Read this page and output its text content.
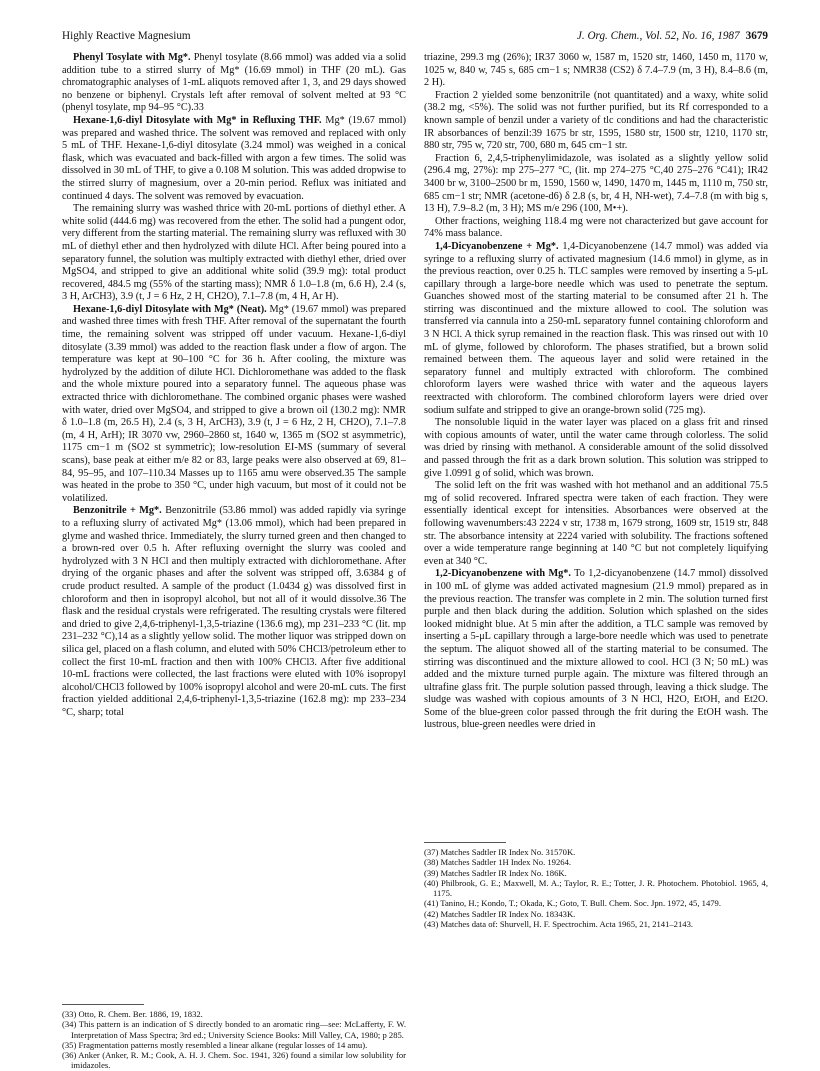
Highly Reactive Magnesium	J. Org. Chem., Vol. 52, No. 16, 1987 3679

Phenyl Tosylate with Mg*. Phenyl tosylate (8.66 mmol) was added via a solid addition tube to a stirred slurry of Mg* (16.69 mmol) in THF (20 mL). Gas chromatographic analyses of 1-mL aliquots removed after 1, 3, and 29 days showed no benzene or biphenyl. Crystals left after removal of solvent melted at 93 °C (phenyl tosylate, mp 94–95 °C).33

Hexane-1,6-diyl Ditosylate with Mg* in Refluxing THF. Mg* (19.67 mmol) was prepared and washed thrice. The solvent was removed and replaced with only 5 mL of THF. Hexane-1,6-diyl ditosylate (3.24 mmol) was weighed in a conical flask, which was evacuated and back-filled with argon a few times. The solid was dissolved in 30 mL of THF, to give a 0.108 M solution. This was added dropwise to the stirred slurry of magnesium, over a 20-min period. Reflux was initiated and continued 4 days. The solvent was removed by evacuation.

The remaining slurry was washed thrice with 20-mL portions of diethyl ether. A white solid (444.6 mg) was recovered from the ether. The solid had a pungent odor, very different from the starting material. The remaining slurry was refluxed with 30 mL of diethyl ether and then hydrolyzed with dilute HCl. After being poured into a separatory funnel, the solution was multiply extracted with diethyl ether, dried over MgSO4, and stripped to give an additional white solid (39.9 mg): total product recovered, 484.5 mg (55% of the starting mass); NMR δ 1.0–1.8 (m, 6.6 H), 2.4 (s, 3 H, ArCH3), 3.9 (t, J = 6 Hz, 2 H, CH2O), 7.1–7.8 (m, 4 H, Ar H).

Hexane-1,6-diyl Ditosylate with Mg* (Neat). Mg* (19.67 mmol) was prepared and washed three times with fresh THF. After removal of the supernatant the fourth time, the remaining solvent was stripped off under vacuum. Hexane-1,6-diyl ditosylate (3.39 mmol) was added to the reaction flask under a flow of argon. The temperature was kept at 90–100 °C for 36 h. After cooling, the mixture was hydrolyzed by the addition of dilute HCl. Dichloromethane was added to the flask and the whole mixture poured into a separatory funnel. The aqueous phase was extracted thrice with dichloromethane. The combined organic phases were washed with water, dried over MgSO4, and stripped to give a brown oil (130.2 mg): NMR δ 1.0–1.8 (m, 26.5 H), 2.4 (s, 3 H, ArCH3), 3.9 (t, J = 6 Hz, 2 H, CH2O), 7.1–7.8 (m, 4 H, ArH); IR 3070 vw, 2960–2860 st, 1640 w, 1365 m (SO2 st asymmetric), 1175 cm−1 m (SO2 st symmetric); low-resolution EI-MS (summary of several scans), base peak at either m/e 82 or 83, large peaks were also observed at 69, 81–84, 95–95, and 107–110.34 Masses up to 1165 amu were observed.35 The sample was heated in the probe to 350 °C, under high vacuum, but most of it could not be volatilized.

Benzonitrile + Mg*. Benzonitrile (53.86 mmol) was added rapidly via syringe to a refluxing slurry of activated Mg* (13.06 mmol), which had been prepared in glyme and washed thrice. Immediately, the slurry turned green and then changed to a brown-red over 0.5 h. After refluxing overnight the slurry was cooled and hydrolyzed with 3 N HCl and then multiply extracted with dichloromethane. After drying of the organic phases and after the solvent was stripped off, 3.6384 g of crude product resulted. A sample of the product (1.0434 g) was dissolved first in chloroform and then in isopropyl alcohol, but not all of it would dissolve.36 The flask and the residual crystals were refrigerated. The resulting crystals were filtered and dried to give 2,4,6-triphenyl-1,3,5-triazine (136.6 mg), mp 231–233 °C (lit. mp 231–232 °C),14 as a slightly yellow solid. The mother liquor was stripped down on silica gel, placed on a flash column, and eluted with 50% CHCl3/petroleum ether to collect the first 10-mL fraction and then with 100% CHCl3. After five additional 10-mL fractions were collected, the last fractions were eluted with 10% isopropyl alcohol/CHCl3 followed by 100% isopropyl alcohol and were 20-mL cuts. The first fraction yielded additional 2,4,6-triphenyl-1,3,5-triazine (162.8 mg): mp 233–234 °C, sharp; total

triazine, 299.3 mg (26%); IR37 3060 w, 1587 m, 1520 str, 1460, 1450 m, 1170 w, 1025 w, 840 w, 745 s, 685 cm−1 s; NMR38 (CS2) δ 7.4–7.9 (m, 3 H), 8.4–8.6 (m, 2 H).

Fraction 2 yielded some benzonitrile (not quantitated) and a waxy, white solid (38.2 mg, <5%). The solid was not further purified, but its Rf corresponded to a known sample of benzil under a variety of tlc conditions and had the characteristic IR absorbances of benzil:39 1675 br str, 1595, 1580 str, 1500 str, 1210, 1170 str, 880 str, 795 w, 720 str, 700, 680 m, 645 cm−1 str.

Fraction 6, 2,4,5-triphenylimidazole, was isolated as a slightly yellow solid (296.4 mg, 27%): mp 275–277 °C, (lit. mp 274–275 °C,40 275–276 °C41); IR42 3400 br w, 3100–2500 br m, 1590, 1560 w, 1490, 1470 m, 1445 m, 1110 m, 750 str, 685 cm−1 str; NMR (acetone-d6) δ 2.8 (s, br, 4 H, NH-wet), 7.4–7.8 (m with big s, 13 H), 7.9–8.2 (m, 3 H); MS m/e 296 (100, M•+).

Other fractions, weighing 118.4 mg were not characterized but gave account for 74% mass balance.

1,4-Dicyanobenzene + Mg*. 1,4-Dicyanobenzene (14.7 mmol) was added via syringe to a refluxing slurry of activated magnesium (14.6 mmol) in glyme, as in the previous reaction, over 0.25 h. TLC samples were removed by inserting a 5-μL capillary through a large-bore needle which was used to penetrate the septum. Guanches showed most of the starting material to be consumed after 21 h. The stirring was discontinued and the mixture allowed to cool. The solution was transferred via cannula into a 250-mL separatory funnel containing chloroform and 3 N HCl. A thick syrup remained in the reaction flask. This was rinsed out with 10 mL of glyme, followed by chloroform. The phases stratified, but a brown solid remained between them. The aqueous layer and solid were retained in the separatory funnel and multiply extracted with chloroform. The combined chloroform layers were washed thrice with water and the aqueous layers reextracted with chloroform. The combined chloroform layers were dried over sodium sulfate and stripped to give an orange-brown solid (725 mg).

The nonsoluble liquid in the water layer was placed on a glass frit and rinsed with copious amounts of water, until the water came through colorless. The solid was dried by rinsing with methanol. A considerable amount of the solid dissolved and passed through the frit as a dark brown solution. This solution was stripped to give 1.0991 g of solid, which was brown.

The solid left on the frit was washed with hot methanol and an additional 75.5 mg of solid recovered. Infrared spectra were taken of each fraction. They were essentially identical except for intensities. Absorbances were observed at the following wavenumbers:43 2224 v str, 1738 m, 1679 strong, 1609 str, 1519 str, 848 str. The absorbance intensity at 2224 varied with solubility. The fractions softened over a wide temperature range beginning at 140 °C but not completely liquifying even at 340 °C.

1,2-Dicyanobenzene with Mg*. To 1,2-dicyanobenzene (14.7 mmol) dissolved in 100 mL of glyme was added activated magnesium (21.9 mmol) prepared as in the previous reaction. The transfer was complete in 2 min. The solution turned first purple and then black during the addition. Solution which splashed on the sides looked midnight blue. At 5 min after the addition, a TLC sample was removed by inserting a 5-μL capillary through a large-bore needle which was used to penetrate the septum. The aliquot showed all of the starting material to be consumed. The stirring was discontinued and the mixture allowed to cool. HCl (3 N; 50 mL) was added and the mixture turned purple again. The mixture was filtered through an ultrafine glass frit. The purple solution passed through, leaving a thick sludge. The sludge was washed with copious amounts of 3 N HCl, H2O, EtOH, and Et2O. Some of the blue-green color passed through the frit during the EtOH wash. The lustrous, blue-green needles were dried in

(33) Otto, R. Chem. Ber. 1886, 19, 1832.
(34) This pattern is an indication of S directly bonded to an aromatic ring—see: McLafferty, F. W. Interpretation of Mass Spectra; 3rd ed.; University Science Books: Mill Valley, CA, 1980; p 285.
(35) Fragmentation patterns mostly resembled a linear alkane (regular losses of 14 amu).
(36) Anker (Anker, R. M.; Cook, A. H. J. Chem. Soc. 1941, 326) found a similar low solubility for imidazoles.
(37) Matches Sadtler IR Index No. 31570K.
(38) Matches Sadtler 1H Index No. 19264.
(39) Matches Sadtler IR Index No. 186K.
(40) Philbrook, G. E.; Maxwell, M. A.; Taylor, R. E.; Totter, J. R. Photochem. Photobiol. 1965, 4, 1175.
(41) Tanino, H.; Kondo, T.; Okada, K.; Goto, T. Bull. Chem. Soc. Jpn. 1972, 45, 1479.
(42) Matches Sadtler IR Index No. 18343K.
(43) Matches data of: Shurvell, H. F. Spectrochim. Acta 1965, 21, 2141–2143.
